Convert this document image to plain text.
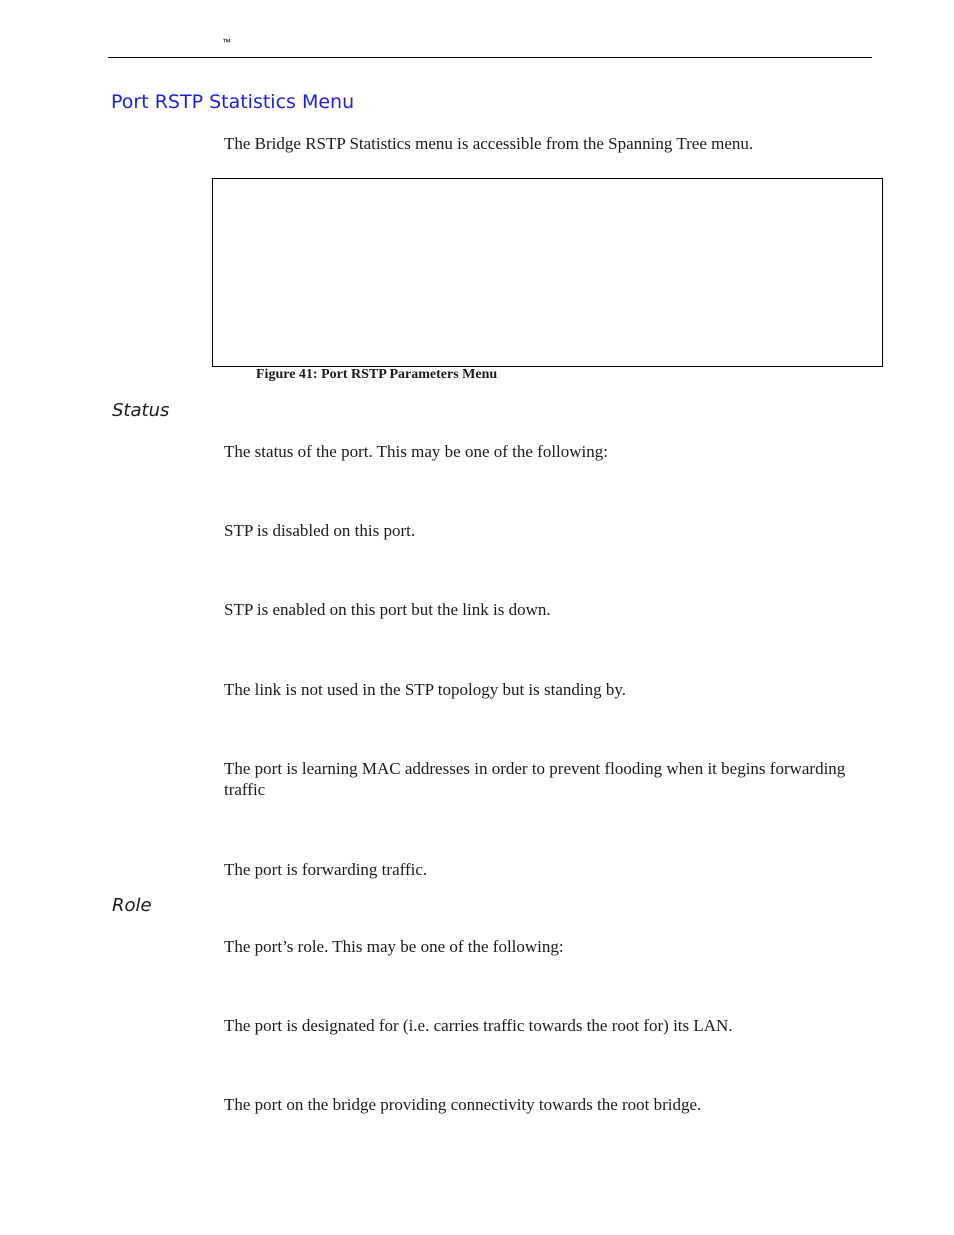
™
Port RSTP Statistics Menu
The Bridge RSTP Statistics menu is accessible from the Spanning Tree menu.
Figure 41: Port RSTP Parameters Menu
Status
The status of the port. This may be one of the following:
STP is disabled on this port.
STP is enabled on this port but the link is down.
The link is not used in the STP topology but is standing by.
The port is learning MAC addresses in order to prevent flooding when it begins forwarding traffic
The port is forwarding traffic.
Role
The port’s role. This may be one of the following:
The port is designated for (i.e. carries traffic towards the root for) its LAN.
The port on the bridge providing connectivity towards the root bridge.
